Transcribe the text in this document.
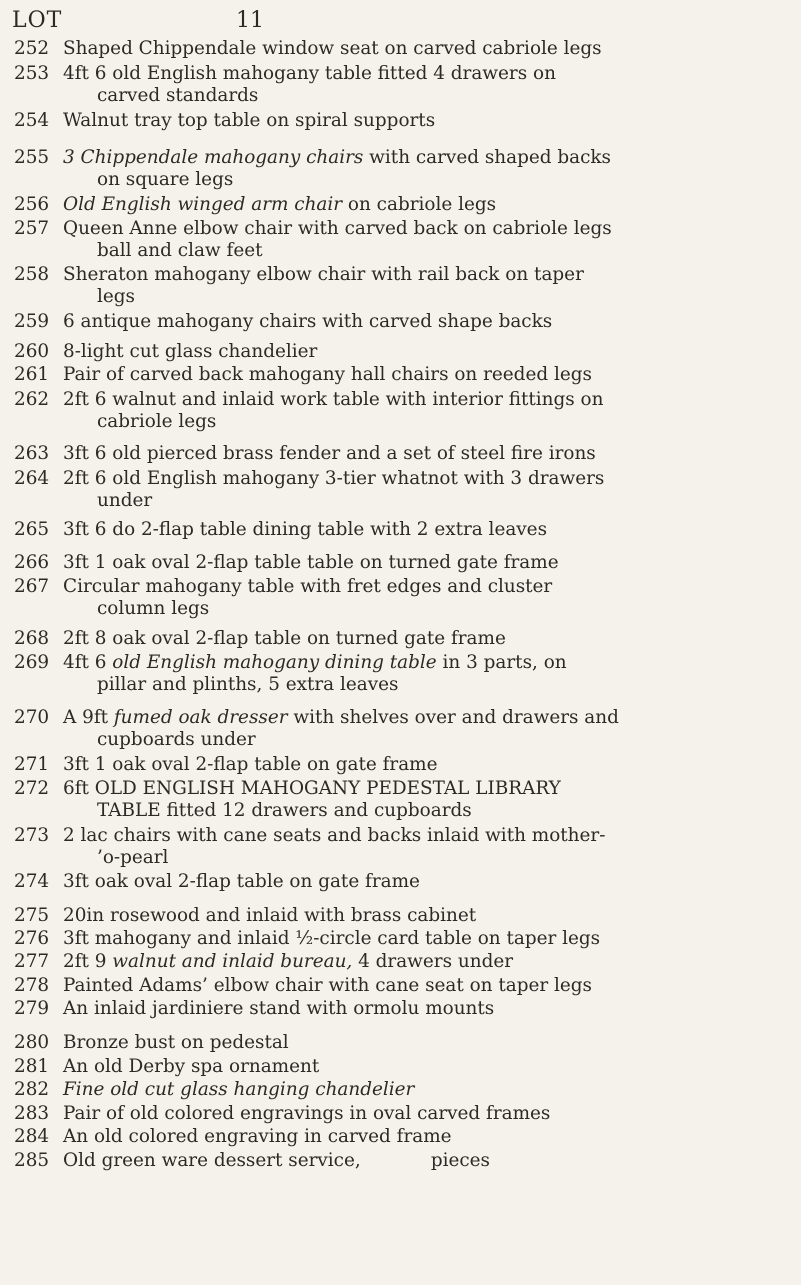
LOT	11
252 Shaped Chippendale window seat on carved cabriole legs
253 4ft 6 old English mahogany table fitted 4 drawers on
carved standards
254 Walnut tray top table on spiral supports
255 3 Chippendale mahogany chairs with carved shaped backs
on square legs
256 Old English winged arm chair on cabriole legs
257 Queen Anne elbow chair with carved back on cabriole legs
ball and claw feet
258 Sheraton mahogany elbow chair with rail back on taper
legs
259 6 antique mahogany chairs with carved shape backs
260 8-light cut glass chandelier
261 Pair of carved back mahogany hall chairs on reeded legs
262 2ft 6 walnut and inlaid work table with interior fittings on
cabriole legs
263 3ft 6 old pierced brass fender and a set of steel fire irons
264 2ft 6 old English mahogany 3-tier whatnot with 3 drawers
under
265 3ft 6 do 2-flap table dining table with 2 extra leaves
266 3ft 1 oak oval 2-flap table table on turned gate frame
267 Circular mahogany table with fret edges and cluster
column legs
268 2ft 8 oak oval 2-flap table on turned gate frame
269 4ft 6 old English mahogany dining table in 3 parts, on
pillar and plinths, 5 extra leaves
270 A 9ft fumed oak dresser with shelves over and drawers and
cupboards under
271 3ft 1 oak oval 2-flap table on gate frame
272 6ft OLD ENGLISH MAHOGANY PEDESTAL LIBRARY
TABLE fitted 12 drawers and cupboards
273 2 lac chairs with cane seats and backs inlaid with mother-
’o-pearl
274 3ft oak oval 2-flap table on gate frame
275 20in rosewood and inlaid with brass cabinet
276 3ft mahogany and inlaid ½-circle card table on taper legs
277 2ft 9 walnut and inlaid bureau, 4 drawers under
278 Painted Adams’ elbow chair with cane seat on taper legs
279 An inlaid jardiniere stand with ormolu mounts
280 Bronze bust on pedestal
281 An old Derby spa ornament
282 Fine old cut glass hanging chandelier
283 Pair of old colored engravings in oval carved frames
284 An old colored engraving in carved frame
285 Old green ware dessert service,            pieces
